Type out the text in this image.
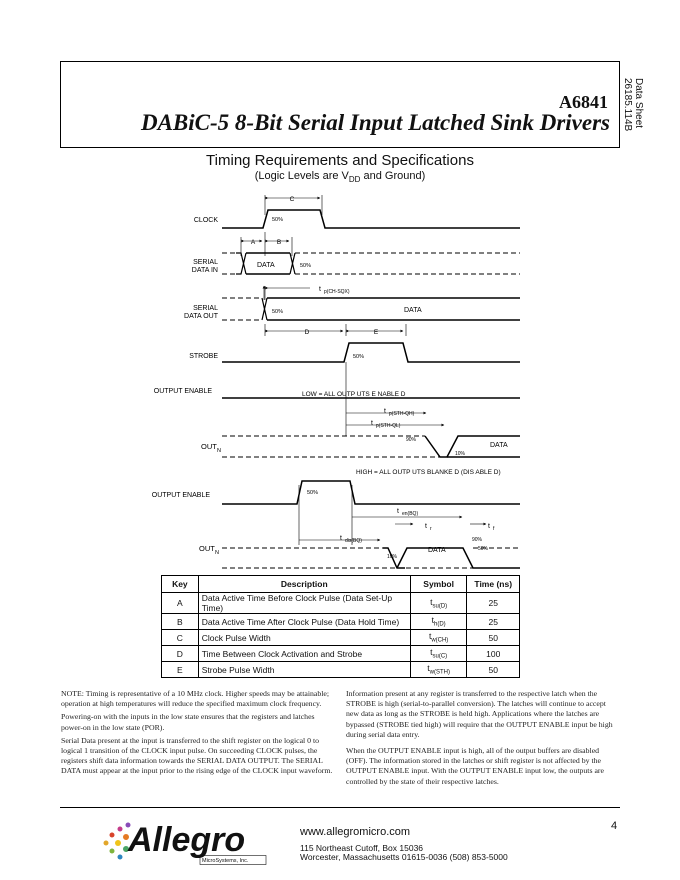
A6841
DABiC-5 8-Bit Serial Input Latched Sink Drivers	Data Sheet
26185.114B
Timing Requirements and Specifications
(Logic Levels are $V_{DD}$ and Ground)
CLOCK
SERIAL
DATA IN
SERIAL
DATA OUT
STROBE
OUTPUT ENABLE
OUTPUT ENABLE
OUT N
OUT N
C
A	B
D	E
50%
DATA	50%
t p(CH-SQX)
50%	DATA
50%
LOW = ALL OUTP UTS E NABLE D
t p(STH-QH)
t p(STH-QL)
90%
10%
DATA
HIGH = ALL OUTP UTS BLANKE D (DIS ABLE D)
50%
t en(BQ)
t dis(BQ)
t r	t f
90%
50%
10%
DATA
Key	Description	Symbol	Time (ns)
A	Data Active Time Before Clock Pulse (Data Set-Up Time)	$t_{su(D)}$	25
B	Data Active Time After Clock Pulse (Data Hold Time)	$t_{h(D)}$	25
C	Clock Pulse Width	$t_{w(CH)}$	50
D	Time Between Clock Activation and Strobe	$t_{su(C)}$	100
E	Strobe Pulse Width	$t_{w(STH)}$	50

NOTE: Timing is representative of a 10 MHz clock. Higher speeds may be attainable; operation at high temperatures will reduce the specified maximum clock frequency.

Powering-on with the inputs in the low state ensures that the registers and latches power-on in the low state (POR).

Serial Data present at the input is transferred to the shift register on the logical 0 to logical 1 transition of the CLOCK input pulse. On succeeding CLOCK pulses, the registers shift data information towards the SERIAL DATA OUTPUT. The SERIAL DATA must appear at the input prior to the rising edge of the CLOCK input waveform.

Information present at any register is transferred to the respective latch when the STROBE is high (serial-to-parallel conversion). The latches will continue to accept new data as long as the STROBE is held high. Applications where the latches are bypassed (STROBE tied high) will require that the OUTPUT ENABLE input be high during serial data entry.

When the OUTPUT ENABLE input is high, all of the output buffers are disabled (OFF). The information stored in the latches or shift register is not affected by the OUTPUT ENABLE input. With the OUTPUT ENABLE input low, the outputs are controlled by the state of their respective latches.

Allegro
MicroSystems, Inc.
www.allegromicro.com
115 Northeast Cutoff, Box 15036
Worcester, Massachusetts 01615-0036 (508) 853-5000
4
